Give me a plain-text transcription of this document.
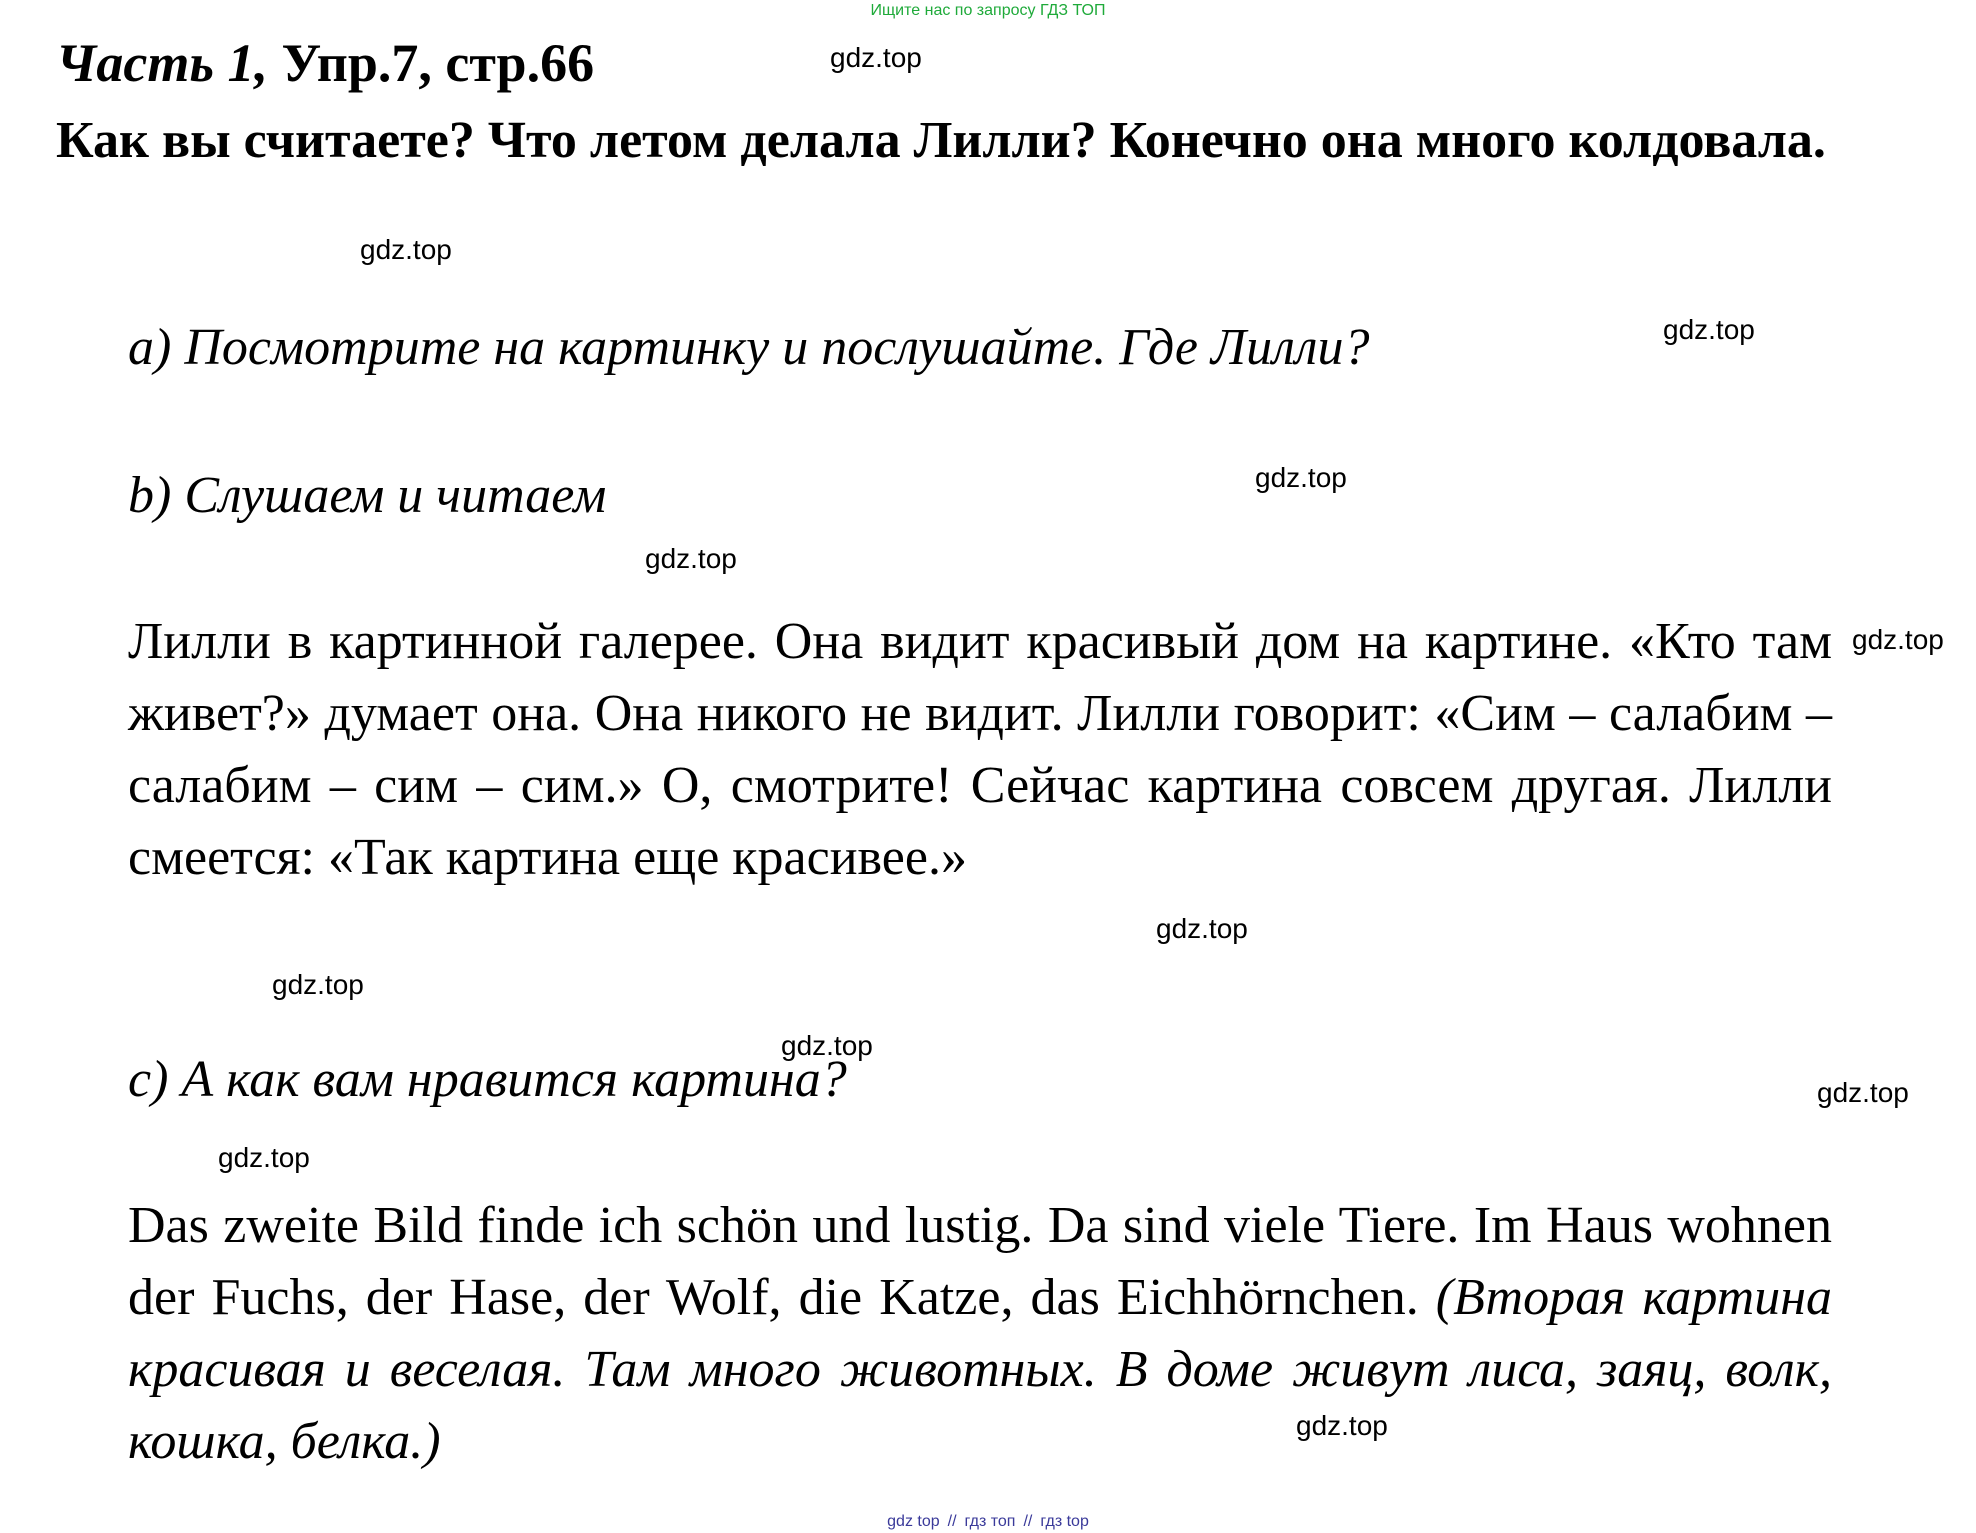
Ищите нас по запросу ГДЗ ТОП
Часть 1, Упр.7, стр.66
Как вы считаете? Что летом делала Лилли? Конечно она много колдовала.
a) Посмотрите на картинку и послушайте. Где Лилли?
b) Слушаем и читаем
Лилли в картинной галерее. Она видит красивый дом на картине. «Кто там живет?» думает она. Она никого не видит. Лилли говорит: «Сим – салабим – салабим – сим – сим.» О, смотрите! Сейчас картина совсем другая. Лилли смеется: «Так картина еще красивее.»
c) А как вам нравится картина?
Das zweite Bild finde ich schön und lustig. Da sind viele Tiere. Im Haus wohnen der Fuchs, der Hase, der Wolf, die Katze, das Eichhörnchen. (Вторая картина красивая и веселая. Там много животных. В доме живут лиса, заяц, волк, кошка, белка.)
gdz.top
gdz.top
gdz.top
gdz.top
gdz.top
gdz.top
gdz.top
gdz.top
gdz.top
gdz.top
gdz.top
gdz.top
gdz top // гдз топ // гдз top
